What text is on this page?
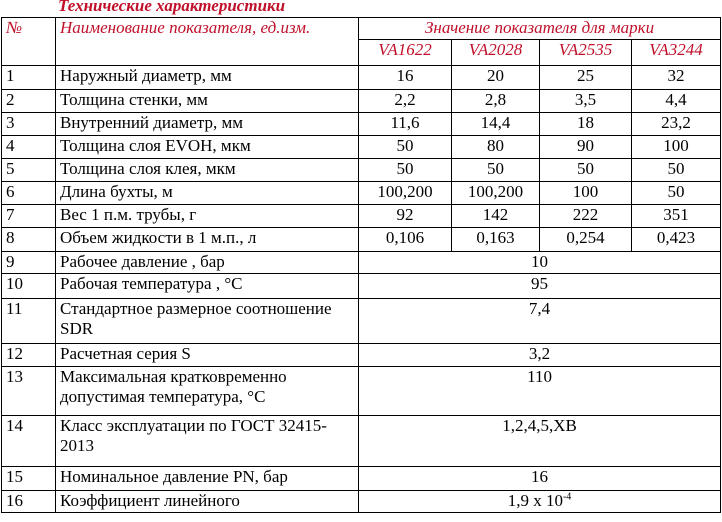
Технические характеристики
№	Наименование показателя, ед.изм.	Значение показателя для марки			
		VA1622	VA2028	VA2535	VA3244
1	Наружный диаметр, мм	16	20	25	32
2	Толщина стенки, мм	2,2	2,8	3,5	4,4
3	Внутренний диаметр, мм	11,6	14,4	18	23,2
4	Толщина слоя EVOH, мкм	50	80	90	100
5	Толщина слоя клея, мкм	50	50	50	50
6	Длина бухты, м	100,200	100,200	100	50
7	Вес 1 п.м. трубы, г	92	142	222	351
8	Объем жидкости в 1 м.п., л	0,106	0,163	0,254	0,423
9	Рабочее давление , бар	10			
10	Рабочая температура , °С	95			
11	Стандартное размерное соотношение SDR	7,4			
12	Расчетная серия S	3,2			
13	Максимальная кратковременно допустимая температура, °С	110			
14	Класс эксплуатации по ГОСТ 32415-2013	1,2,4,5,ХВ			
15	Номинальное давление PN, бар	16			
16	Коэффициент линейного	1,9 x $10^{-4}$
